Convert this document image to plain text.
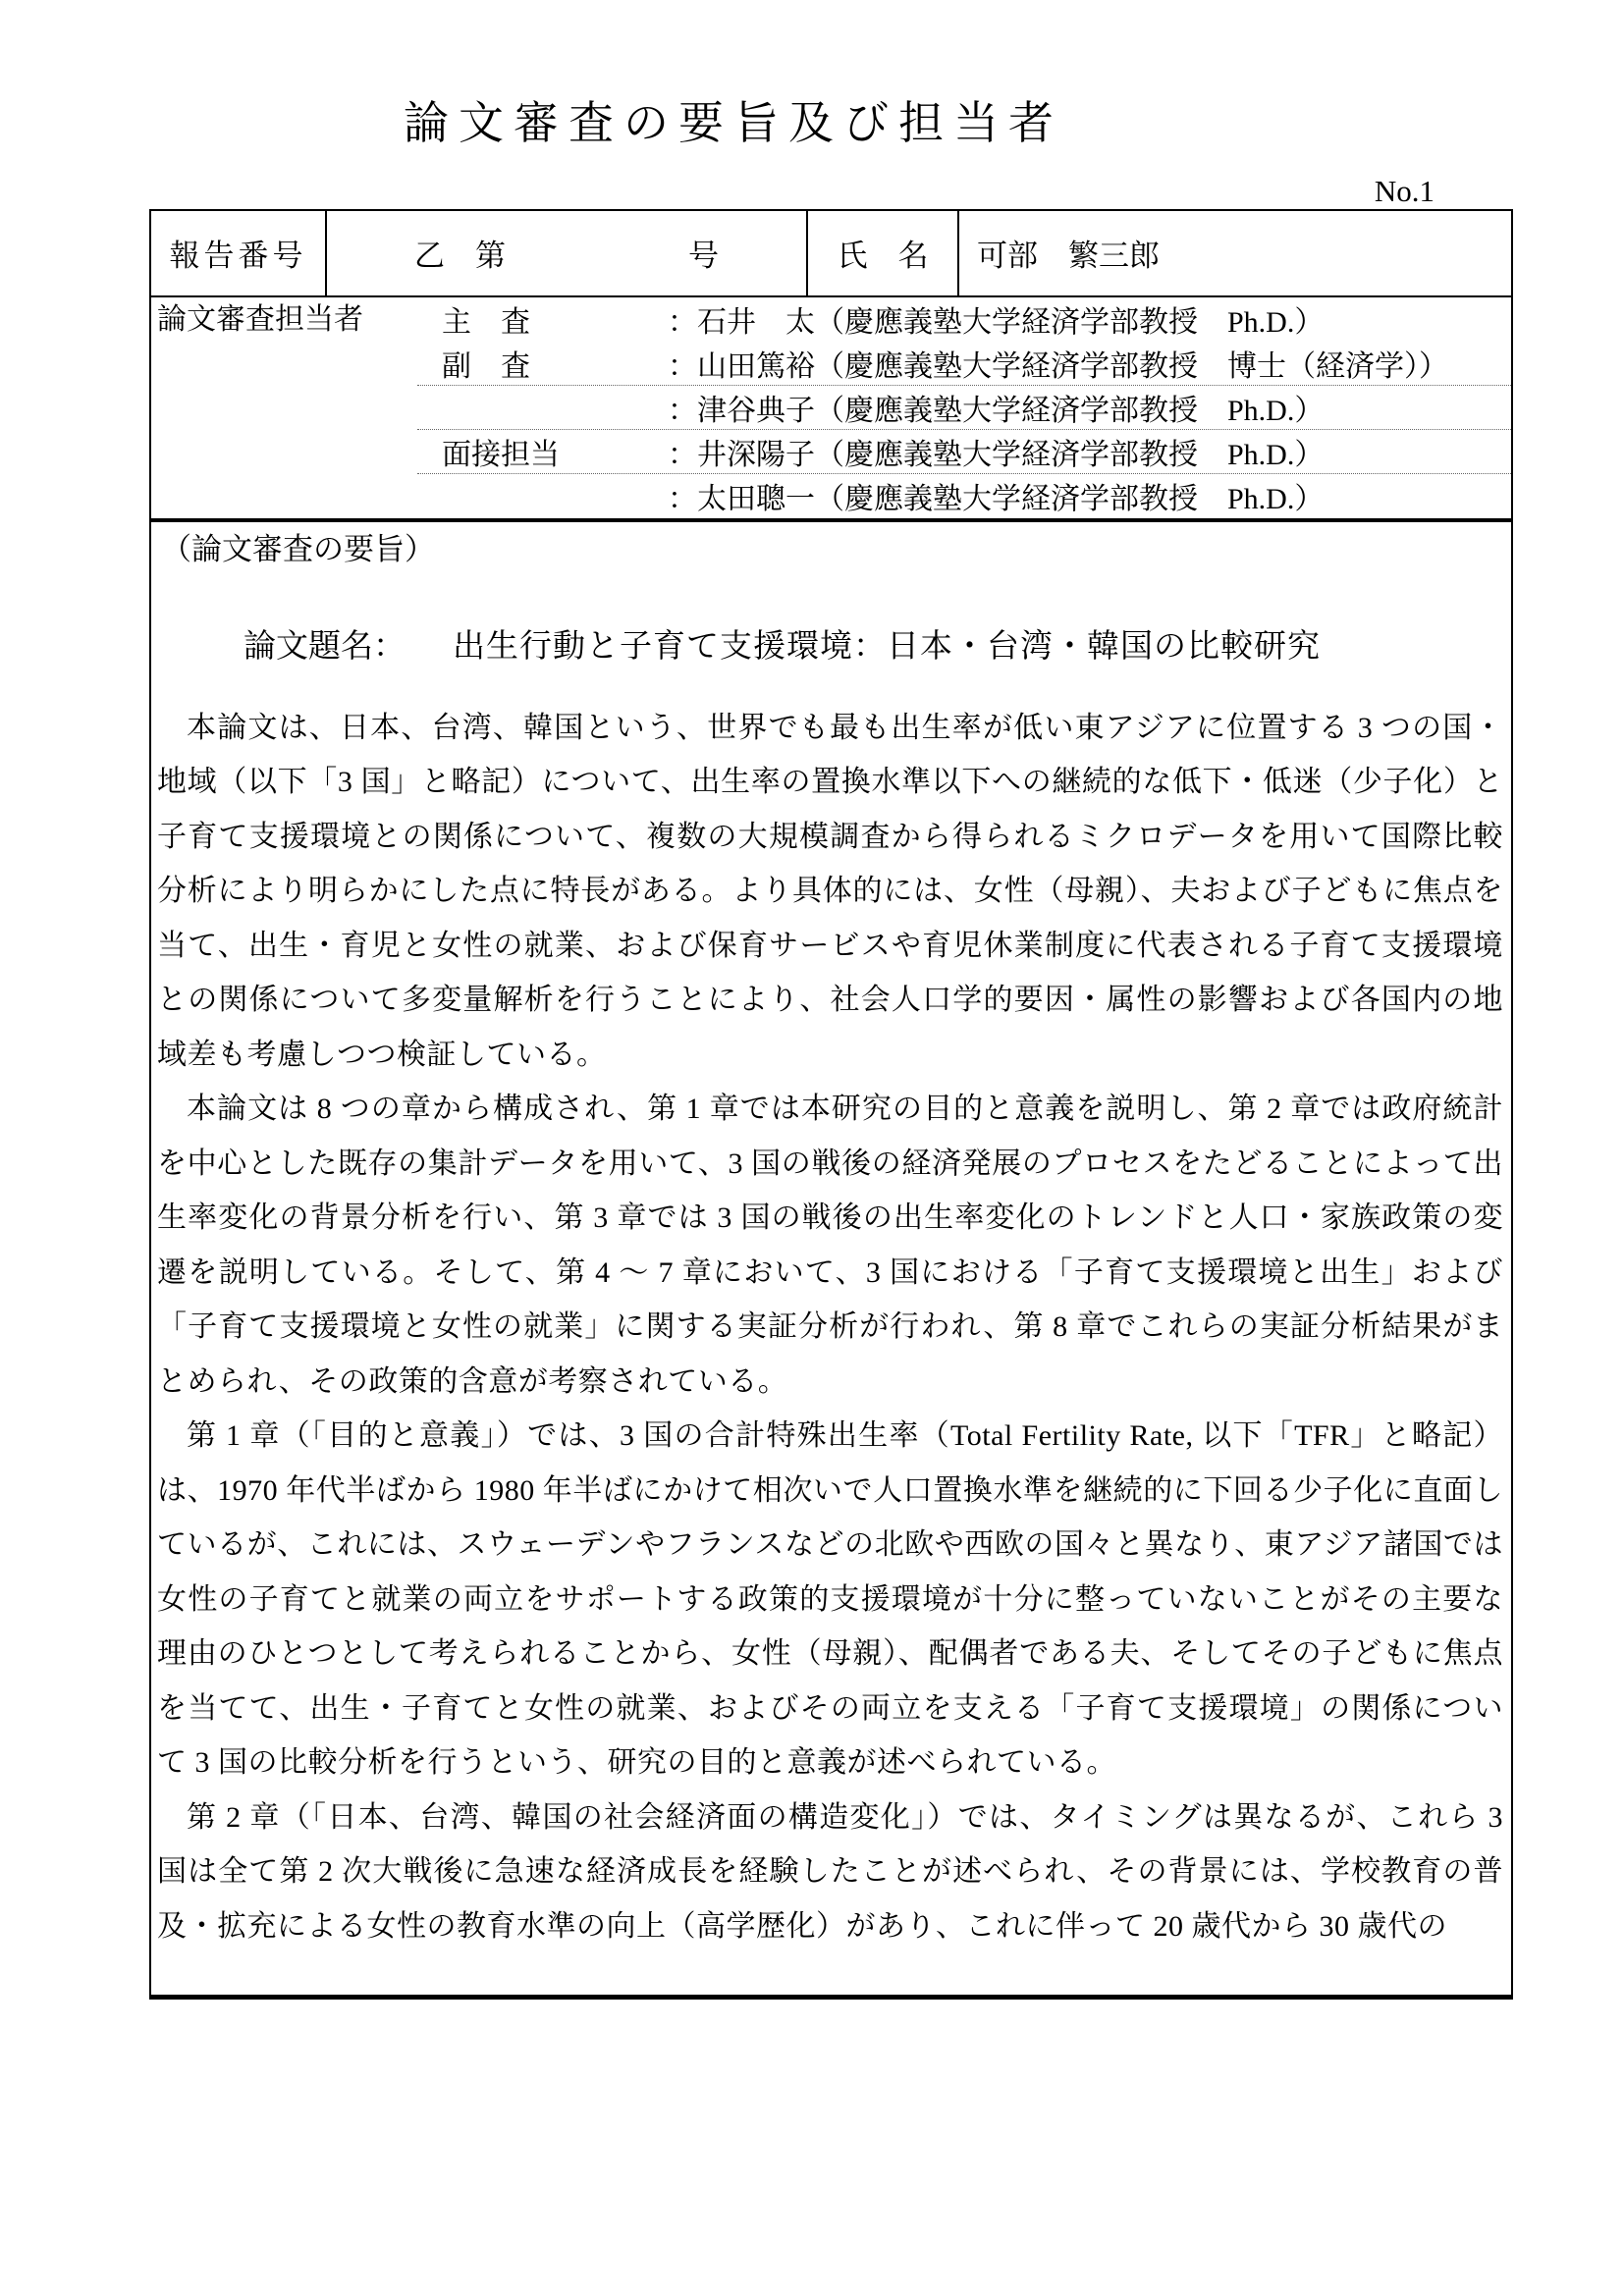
論文審査の要旨及び担当者
No.1
報告番号	乙　第　　　　　　号	氏　名	可部　繁三郎
論文審査担当者	主　査	：石井　太（慶應義塾大学経済学部教授　Ph.D.）
副　査	：山田篤裕（慶應義塾大学経済学部教授　博士（経済学））
：津谷典子（慶應義塾大学経済学部教授　Ph.D.）
面接担当	：井深陽子（慶應義塾大学経済学部教授　Ph.D.）
：太田聰一（慶應義塾大学経済学部教授　Ph.D.）
（論文審査の要旨）
論文題名： 出生行動と子育て支援環境：日本・台湾・韓国の比較研究

本論文は、日本、台湾、韓国という、世界でも最も出生率が低い東アジアに位置する 3 つの国・地域（以下「3 国」と略記）について、出生率の置換水準以下への継続的な低下・低迷（少子化）と子育て支援環境との関係について、複数の大規模調査から得られるミクロデータを用いて国際比較分析により明らかにした点に特長がある。より具体的には、女性（母親）、夫および子どもに焦点を当て、出生・育児と女性の就業、および保育サービスや育児休業制度に代表される子育て支援環境との関係について多変量解析を行うことにより、社会人口学的要因・属性の影響および各国内の地域差も考慮しつつ検証している。

本論文は 8 つの章から構成され、第 1 章では本研究の目的と意義を説明し、第 2 章では政府統計を中心とした既存の集計データを用いて、3 国の戦後の経済発展のプロセスをたどることによって出生率変化の背景分析を行い、第 3 章では 3 国の戦後の出生率変化のトレンドと人口・家族政策の変遷を説明している。そして、第 4 ～ 7 章において、3 国における「子育て支援環境と出生」および「子育て支援環境と女性の就業」に関する実証分析が行われ、第 8 章でこれらの実証分析結果がまとめられ、その政策的含意が考察されている。

第 1 章（「目的と意義」）では、3 国の合計特殊出生率（Total Fertility Rate, 以下「TFR」と略記）は、1970 年代半ばから 1980 年半ばにかけて相次いで人口置換水準を継続的に下回る少子化に直面しているが、これには、スウェーデンやフランスなどの北欧や西欧の国々と異なり、東アジア諸国では女性の子育てと就業の両立をサポートする政策的支援環境が十分に整っていないことがその主要な理由のひとつとして考えられることから、女性（母親）、配偶者である夫、そしてその子どもに焦点を当てて、出生・子育てと女性の就業、およびその両立を支える「子育て支援環境」の関係について 3 国の比較分析を行うという、研究の目的と意義が述べられている。

第 2 章（「日本、台湾、韓国の社会経済面の構造変化」）では、タイミングは異なるが、これら 3 国は全て第 2 次大戦後に急速な経済成長を経験したことが述べられ、その背景には、学校教育の普及・拡充による女性の教育水準の向上（高学歴化）があり、これに伴って 20 歳代から 30 歳代の
